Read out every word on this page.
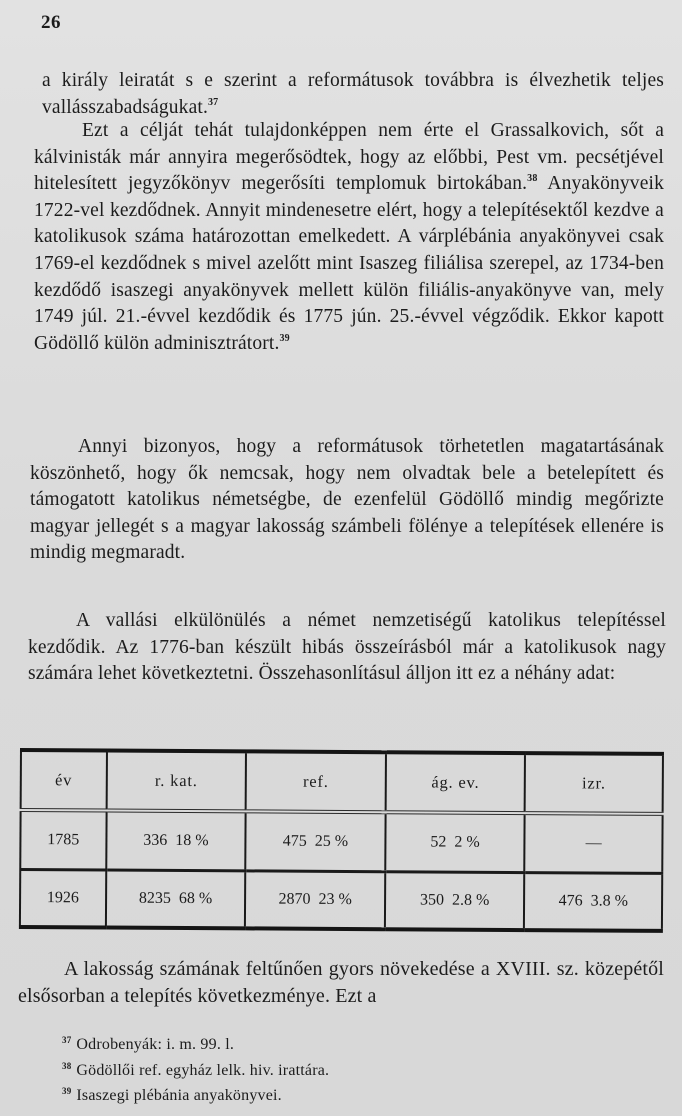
26

a király leiratát s e szerint a reformátusok továbbra is élvezhetik teljes vallásszabadságukat.$^{37}$

Ezt a célját tehát tulajdonképpen nem érte el Grassalkovich, sőt a kálvinisták már annyira megerősödtek, hogy az előbbi, Pest vm. pecsétjével hitelesített jegyzőkönyv megerősíti templomuk birtokában.$^{38}$ Anyakönyveik 1722-vel kezdődnek. Annyit mindenesetre elért, hogy a telepítésektől kezdve a katolikusok száma határozottan emelkedett. A várplébánia anyakönyvei csak 1769-el kezdődnek s mivel azelőtt mint Isaszeg filiálisa szerepel, az 1734-ben kezdődő isaszegi anyakönyvek mellett külön filiális-anyakönyve van, mely 1749 júl. 21.-évvel kezdődik és 1775 jún. 25.-évvel végződik. Ekkor kapott Gödöllő külön adminisztrátort.$^{39}$

Annyi bizonyos, hogy a reformátusok törhetetlen magatartásának köszönhető, hogy ők nemcsak, hogy nem olvadtak bele a betelepített és támogatott katolikus németségbe, de ezenfelül Gödöllő mindig megőrizte magyar jellegét s a magyar lakosság számbeli fölénye a telepítések ellenére is mindig megmaradt.

A vallási elkülönülés a német nemzetiségű katolikus telepítéssel kezdődik. Az 1776-ban készült hibás összeírásból már a katolikusok nagy számára lehet következtetni. Összehasonlításul álljon itt ez a néhány adat:

év	r. kat.	ref.	ág. ev.	izr.
1785	336 18 %	475 25 %	52 2 %	—
1926	8235 68 %	2870 23 %	350 2.8 %	476 3.8 %

A lakosság számának feltűnően gyors növekedése a XVIII. sz. közepétől elsősorban a telepítés következménye. Ezt a

$^{37}$ Odrobenyák: i. m. 99. l.
$^{38}$ Gödöllői ref. egyház lelk. hiv. irattára.
$^{39}$ Isaszegi plébánia anyakönyvei.
